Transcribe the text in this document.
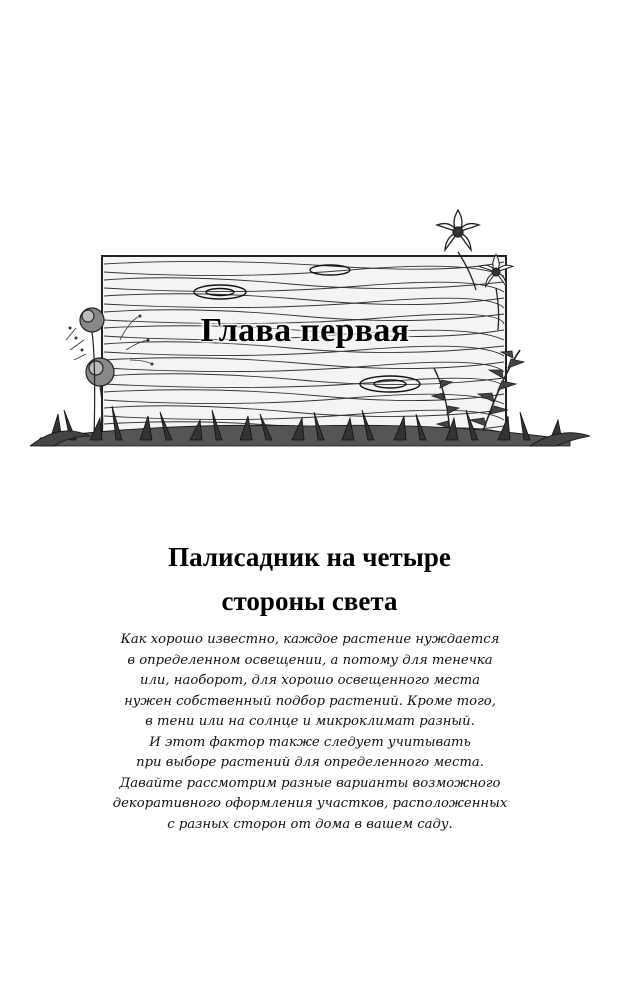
Глава первая
Палисадник на четыре
стороны света
Как хорошо известно, каждое растение нуждается
в определенном освещении, а потому для тенечка
или, наоборот, для хорошо освещенного места
нужен собственный подбор растений. Кроме того,
в тени или на солнце и микроклимат разный.
И этот фактор также следует учитывать
при выборе растений для определенного места.
Давайте рассмотрим разные варианты возможного
декоративного оформления участков, расположенных
с разных сторон от дома в вашем саду.
